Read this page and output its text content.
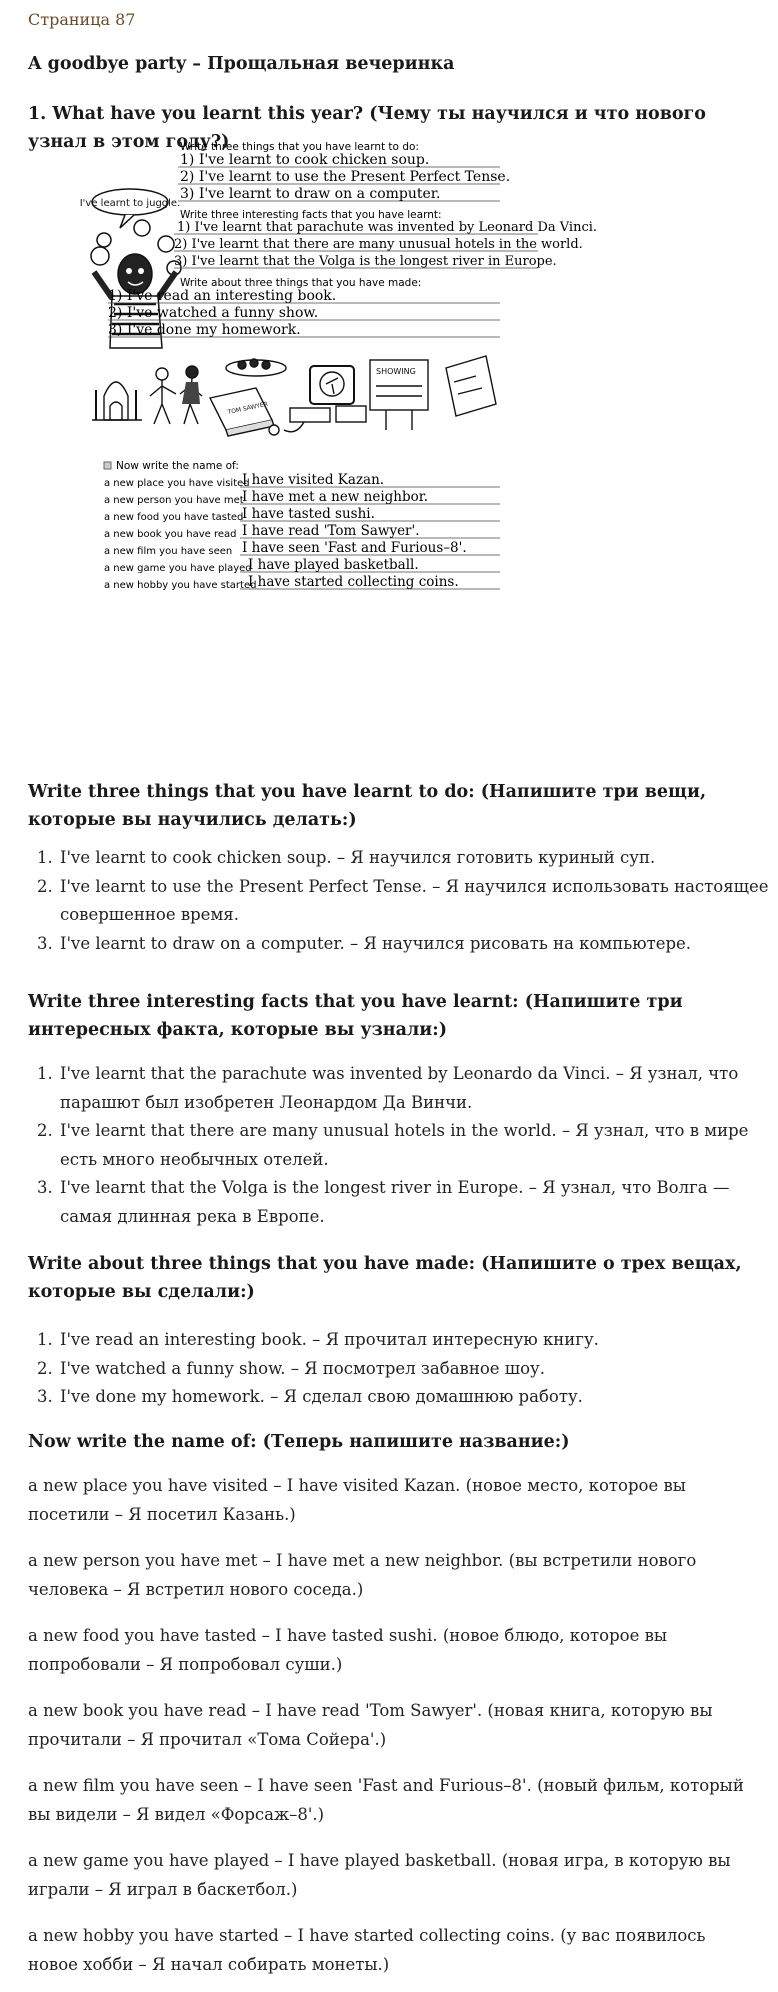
Страница 87
A goodbye party – Прощальная вечеринка
1. What have you learnt this year? (Чему ты научился и что нового узнал в этом году?)
I've learnt to juggle.
Write three things that you have learnt to do:
1) I've learnt to cook chicken soup.
2) I've learnt to use the Present Perfect Tense.
3) I've learnt to draw on a computer.
Write three interesting facts that you have learnt:
1) I've learnt that parachute was invented by Leonard Da Vinci.
2) I've learnt that there are many unusual hotels in the world.
3) I've learnt that the Volga is the longest river in Europe.
Write about three things that you have made:
1) I've read an interesting book.
2) I've watched a funny show.
3) I've done my homework.
TOM SAWYER
SHOWING
Now write the name of:
a new place you have visited
I have visited Kazan.
a new person you have met
I have met a new neighbor.
a new food you have tasted
I have tasted sushi.
a new book you have read I have read 'Tom Sawyer'.
a new film you have seen I have seen 'Fast and Furious–8'.
a new game you have played
I have played basketball.
a new hobby you have started
I have started collecting coins.
Write three things that you have learnt to do: (Напишите три вещи, которые вы научились делать:)
1. I've learnt to cook chicken soup. – Я научился готовить куриный суп.
2. I've learnt to use the Present Perfect Tense. – Я научился использовать настоящее совершенное время.
3. I've learnt to draw on a computer. – Я научился рисовать на компьютере.
Write three interesting facts that you have learnt: (Напишите три интересных факта, которые вы узнали:)
1. I've learnt that the parachute was invented by Leonardo da Vinci. – Я узнал, что парашют был изобретен Леонардом Да Винчи.
2. I've learnt that there are many unusual hotels in the world. – Я узнал, что в мире есть много необычных отелей.
3. I've learnt that the Volga is the longest river in Europe. – Я узнал, что Волга — самая длинная река в Европе.
Write about three things that you have made: (Напишите о трех вещах, которые вы сделали:)
1. I've read an interesting book. – Я прочитал интересную книгу.
2. I've watched a funny show. – Я посмотрел забавное шоу.
3. I've done my homework. – Я сделал свою домашнюю работу.
Now write the name of: (Теперь напишите название:)

a new place you have visited – I have visited Kazan. (новое место, которое вы посетили – Я посетил Казань.)

a new person you have met – I have met a new neighbor. (вы встретили нового человека – Я встретил нового соседа.)

a new food you have tasted – I have tasted sushi. (новое блюдо, которое вы попробовали – Я попробовал суши.)

a new book you have read – I have read 'Tom Sawyer'. (новая книга, которую вы прочитали – Я прочитал «Тома Сойера'.)

a new film you have seen – I have seen 'Fast and Furious–8'. (новый фильм, который вы видели – Я видел «Форсаж–8'.)

a new game you have played – I have played basketball. (новая игра, в которую вы играли – Я играл в баскетбол.)

a new hobby you have started – I have started collecting coins. (у вас появилось новое хобби – Я начал собирать монеты.)
